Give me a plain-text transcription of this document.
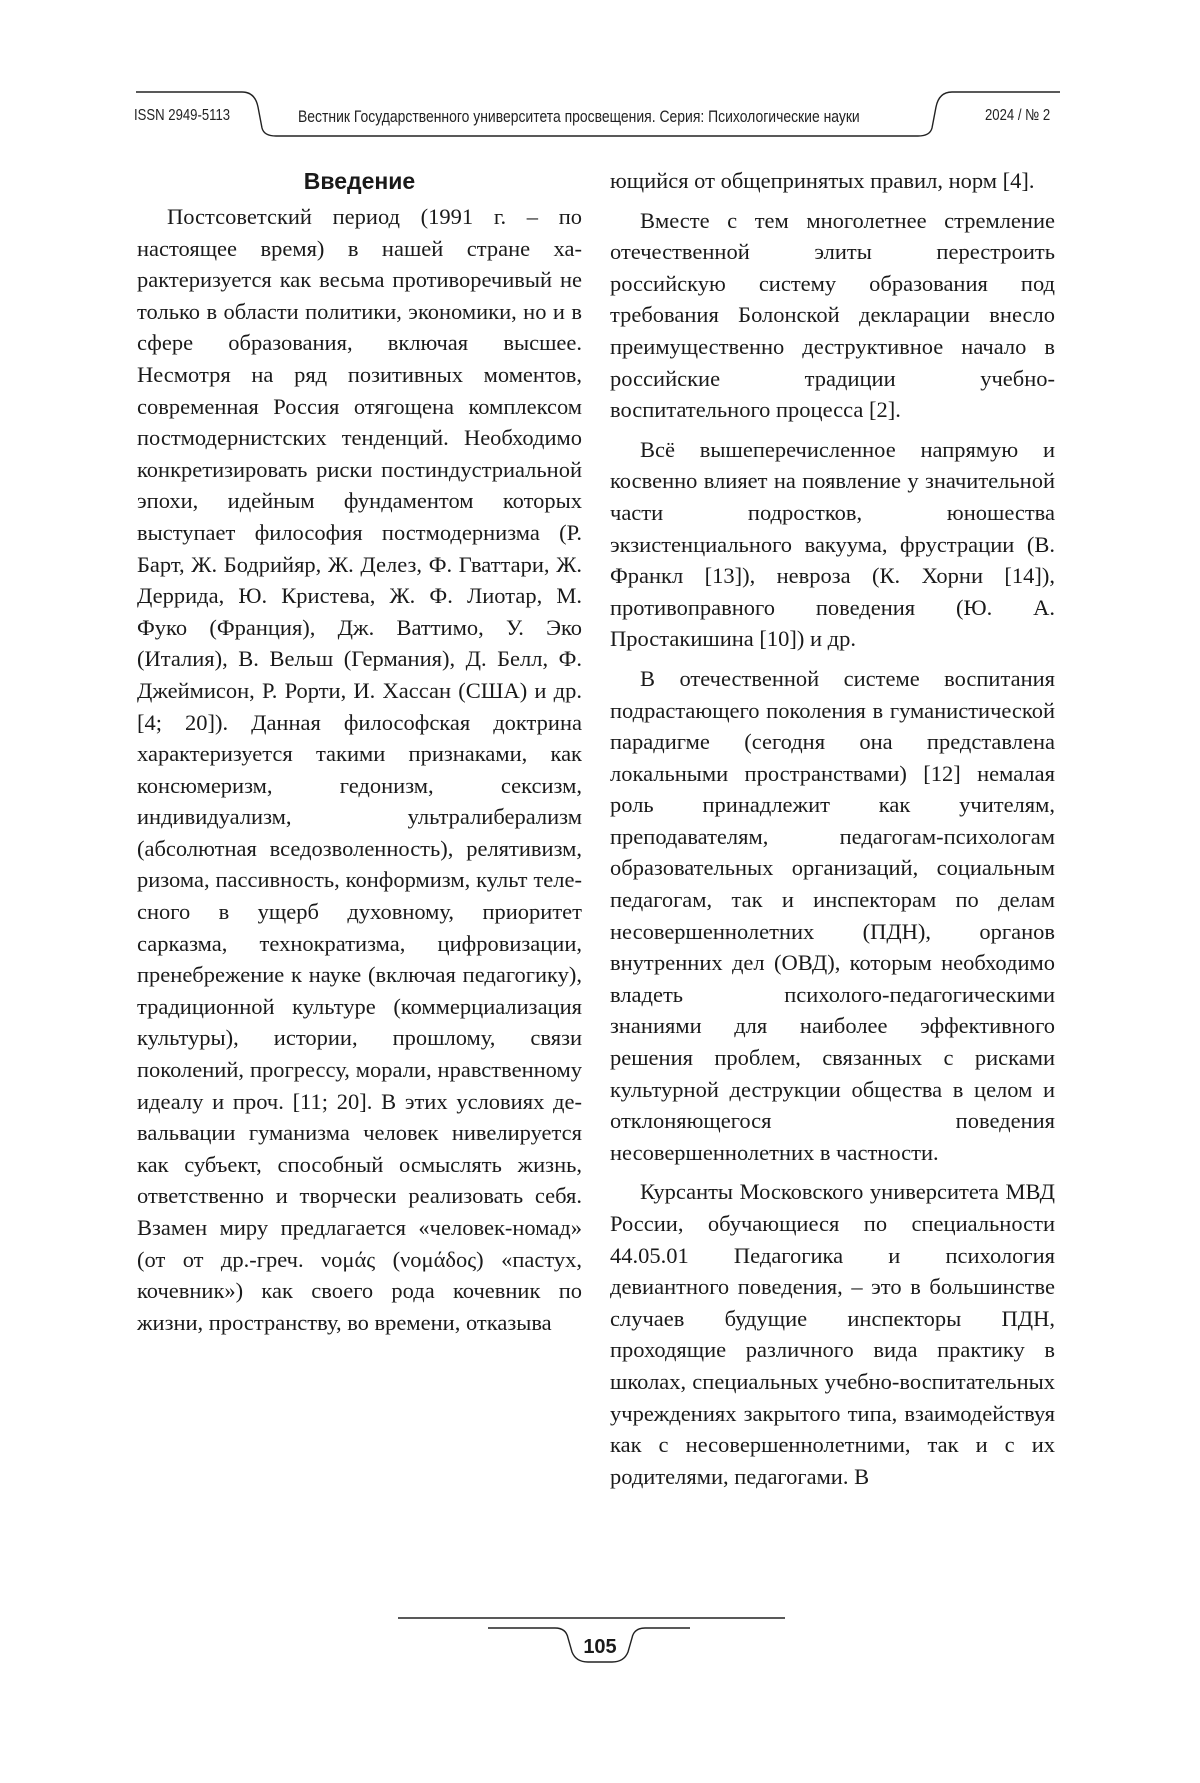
ISSN 2949-5113	Вестник Государственного университета просвещения. Серия: Психологические науки	2024 / № 2
Введение

Постсоветский период (1991 г. – по настоящее время) в нашей стране характеризуется как весьма противоречивый не только в области политики, экономики, но и в сфере образования, включая высшее. Несмотря на ряд позитивных моментов, современная Россия отягощена комплексом постмодернистских тенденций. Необходимо конкретизировать риски постиндустриальной эпохи, идейным фундаментом которых выступает философия постмодернизма (Р. Барт, Ж. Бодрийяр, Ж. Делез, Ф. Гваттари, Ж. Деррида, Ю. Кристева, Ж. Ф. Лиотар, М. Фуко (Франция), Дж. Ваттимо, У. Эко (Италия), В. Вельш (Германия), Д. Белл, Ф. Джеймисон, Р. Рорти, И. Хассан (США) и др. [4; 20]). Данная философская доктрина характеризуется такими признаками, как консюмеризм, гедонизм, сексизм, индивидуализм, ультралиберализм (абсолютная вседозволенность), релятивизм, ризома, пассивность, конформизм, культ телесного в ущерб духовному, приоритет сарказма, технократизма, цифровизации, пренебрежение к науке (включая педагогику), традиционной культуре (коммерциализация культуры), истории, прошлому, связи поколений, прогрессу, морали, нравственному идеалу и проч. [11; 20]. В этих условиях девальвации гуманизма человек нивелируется как субъект, способный осмыслять жизнь, ответственно и творчески реализовать себя. Взамен миру предлагается «человек-номад» (от от др.-греч. νομάς (νομάδος) «пастух, кочевник») как своего рода кочевник по жизни, пространству, во времени, отказыва

ющийся от общепринятых правил, норм [4].

Вместе с тем многолетнее стремление отечественной элиты перестроить российскую систему образования под требования Болонской декларации внесло преимущественно деструктивное начало в российские традиции учебно-воспитательного процесса [2].

Всё вышеперечисленное напрямую и косвенно влияет на появление у значительной части подростков, юношества экзистенциального вакуума, фрустрации (В. Франкл [13]), невроза (К. Хорни [14]), противоправного поведения (Ю. А. Простакишина [10]) и др.

В отечественной системе воспитания подрастающего поколения в гуманистической парадигме (сегодня она представлена локальными пространствами) [12] немалая роль принадлежит как учителям, преподавателям, педагогам-психологам образовательных организаций, социальным педагогам, так и инспекторам по делам несовершеннолетних (ПДН), органов внутренних дел (ОВД), которым необходимо владеть психолого-педагогическими знаниями для наиболее эффективного решения проблем, связанных с рисками культурной деструкции общества в целом и отклоняющегося поведения несовершеннолетних в частности.

Курсанты Московского университета МВД России, обучающиеся по специальности 44.05.01 Педагогика и психология девиантного поведения, – это в большинстве случаев будущие инспекторы ПДН, проходящие различного вида практику в школах, специальных учебно-воспитательных учреждениях закрытого типа, взаимодействуя как с несовершеннолетними, так и с их родителями, педагогами. В

105
